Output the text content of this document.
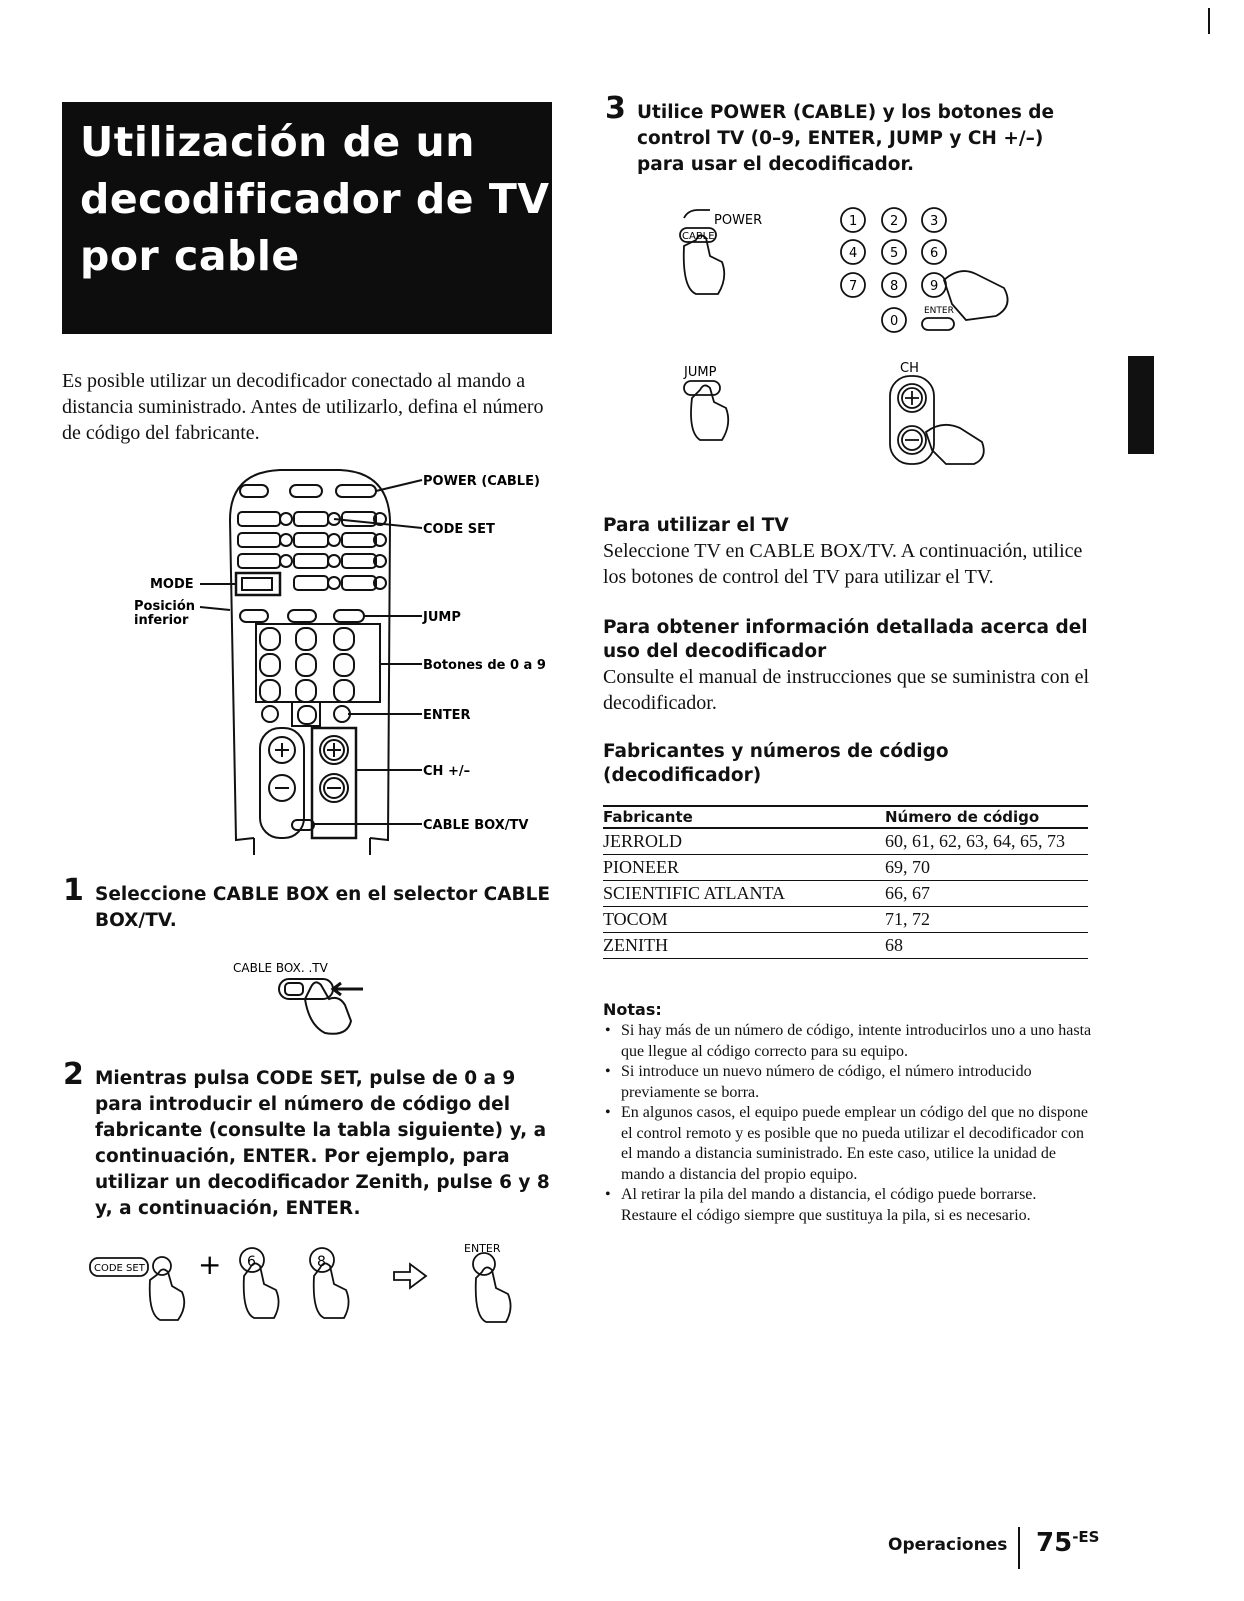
Utilización de un decodificador de TV por cable

Es posible utilizar un decodificador conectado al mando a distancia suministrado. Antes de utilizarlo, defina el número de código del fabricante.

POWER (CABLE)
CODE SET
MODE
Posición
inferior	JUMP
Botones de 0 a 9
ENTER
CH +/–
CABLE BOX/TV
1 Seleccione CABLE BOX en el selector CABLE BOX/TV.
CABLE BOX. .TV
2 Mientras pulsa CODE SET, pulse de 0 a 9 para introducir el número de código del fabricante (consulte la tabla siguiente) y, a continuación, ENTER. Por ejemplo, para utilizar un decodificador Zenith, pulse 6 y 8 y, a continuación, ENTER.
CODE SET + 6	8
ENTER
3 Utilice POWER (CABLE) y los botones de control TV (0–9, ENTER, JUMP y CH +/–) para usar el decodificador.
POWER
CABLE
1	2 3
4	5 6
7	8 9
0
ENTER
JUMP	CH
Para utilizar el TV

Seleccione TV en CABLE BOX/TV. A continuación, utilice los botones de control del TV para utilizar el TV.

Para obtener información detallada acerca del uso del decodificador

Consulte el manual de instrucciones que se suministra con el decodificador.

Fabricantes y números de código (decodificador)
Fabricante	Número de código
JERROLD	60, 61, 62, 63, 64, 65, 73
PIONEER	69, 70
SCIENTIFIC ATLANTA	66, 67
TOCOM	71, 72
ZENITH	68
Notas:
• Si hay más de un número de código, intente introducirlos uno a uno hasta que llegue al código correcto para su equipo.
• Si introduce un nuevo número de código, el número introducido previamente se borra.
• En algunos casos, el equipo puede emplear un código del que no dispone el control remoto y es posible que no pueda utilizar el decodificador con el mando a distancia suministrado. En este caso, utilice la unidad de mando a distancia del propio equipo.
• Al retirar la pila del mando a distancia, el código puede borrarse. Restaure el código siempre que sustituya la pila, si es necesario.
Operaciones $75^{-ES}$
